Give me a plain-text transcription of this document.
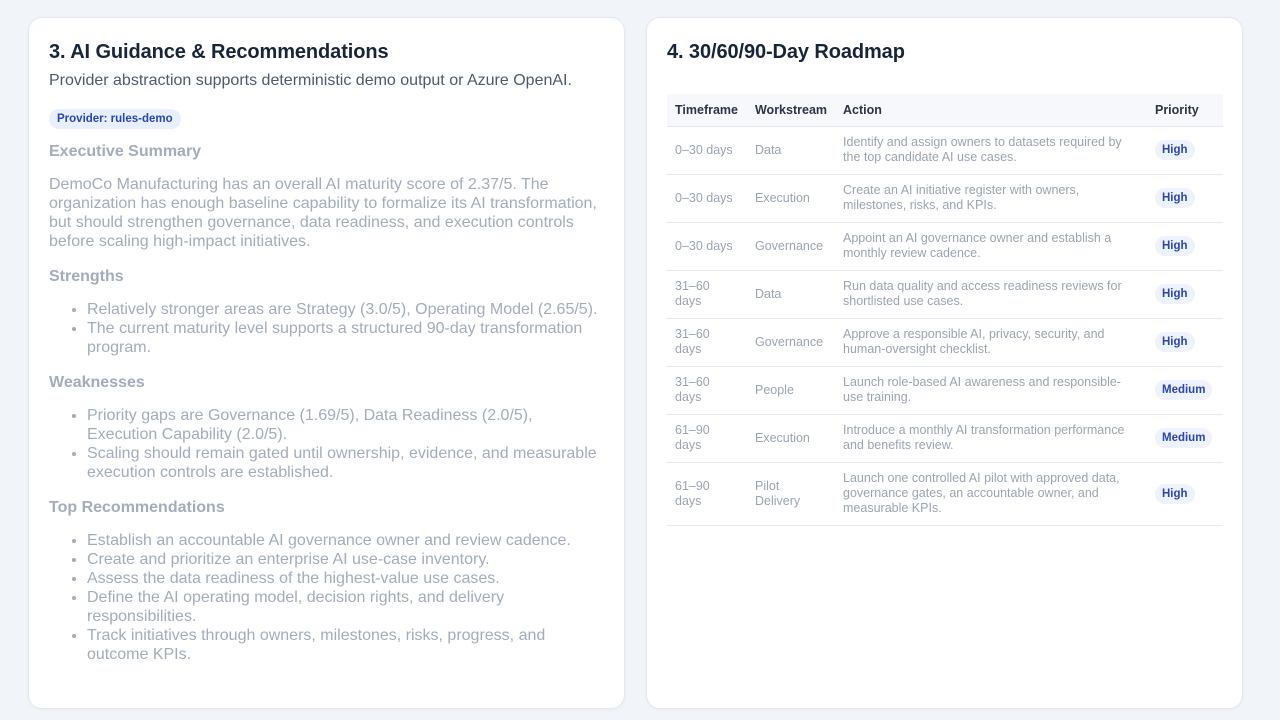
3. AI Guidance & Recommendations

Provider abstraction supports deterministic demo output or Azure OpenAI.

Provider: rules-demo
Executive Summary

DemoCo Manufacturing has an overall AI maturity score of 2.37/5. The organization has enough baseline capability to formalize its AI transformation, but should strengthen governance, data readiness, and execution controls before scaling high-impact initiatives.

Strengths
• Relatively stronger areas are Strategy (3.0/5), Operating Model (2.65/5).
• The current maturity level supports a structured 90-day transformation program.
Weaknesses
• Priority gaps are Governance (1.69/5), Data Readiness (2.0/5), Execution Capability (2.0/5).
• Scaling should remain gated until ownership, evidence, and measurable execution controls are established.
Top Recommendations
• Establish an accountable AI governance owner and review cadence.
• Create and prioritize an enterprise AI use-case inventory.
• Assess the data readiness of the highest-value use cases.
• Define the AI operating model, decision rights, and delivery responsibilities.
• Track initiatives through owners, milestones, risks, progress, and outcome KPIs.
4. 30/60/90-Day Roadmap
Timeframe	Workstream	Action	Priority
0–30 days	Data	Identify and assign owners to datasets required by the top candidate AI use cases.	High
0–30 days	Execution	Create an AI initiative register with owners, milestones, risks, and KPIs.	High
0–30 days	Governance	Appoint an AI governance owner and establish a monthly review cadence.	High
31–60 days	Data	Run data quality and access readiness reviews for shortlisted use cases.	High
31–60 days	Governance	Approve a responsible AI, privacy, security, and human-oversight checklist.	High
31–60 days	People	Launch role-based AI awareness and responsible-use training.	Medium
61–90 days	Execution	Introduce a monthly AI transformation performance and benefits review.	Medium
61–90 days	Pilot Delivery	Launch one controlled AI pilot with approved data, governance gates, an accountable owner, and measurable KPIs.	High
